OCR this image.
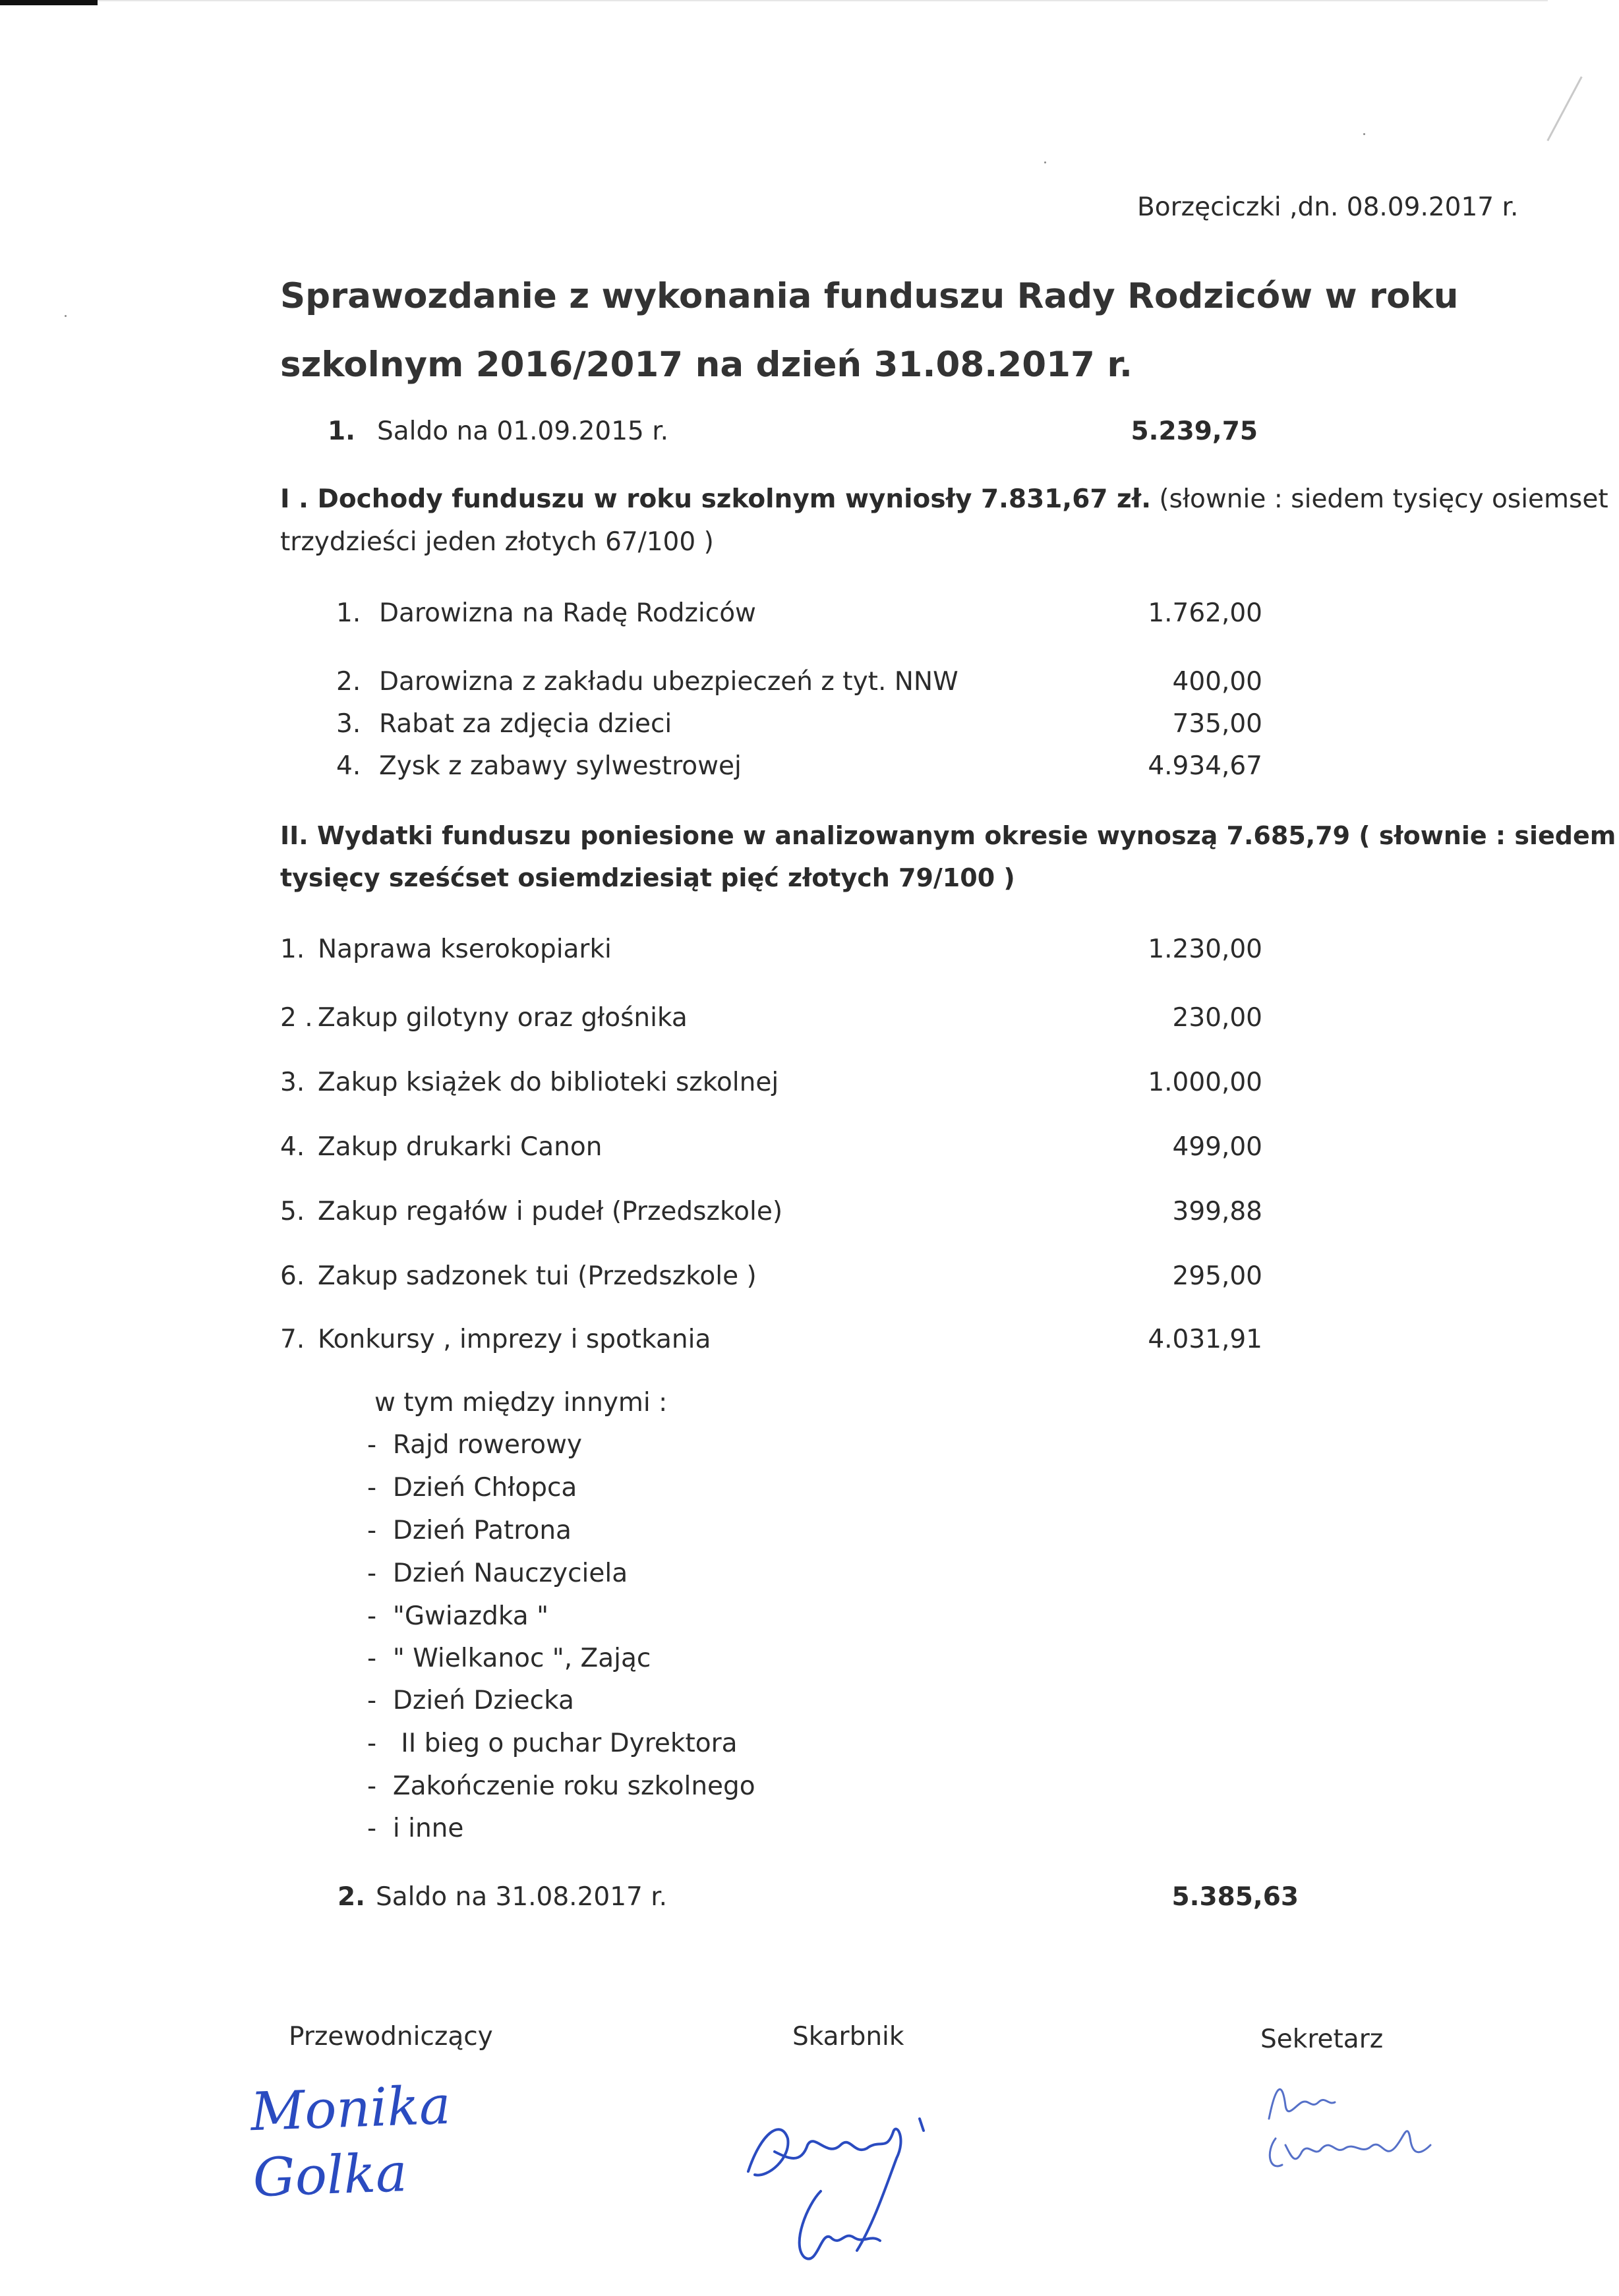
Borzęciczki ,dn. 08.09.2017 r.
Sprawozdanie z wykonania funduszu Rady Rodziców w roku
szkolnym 2016/2017 na dzień 31.08.2017 r.
1. Saldo na 01.09.2015 r.	5.239,75
I . Dochody funduszu w roku szkolnym wyniosły 7.831,67 zł. (słownie : siedem tysięcy osiemset
trzydzieści jeden złotych 67/100 )
1. Darowizna na Radę Rodziców	1.762,00
2. Darowizna z zakładu ubezpieczeń z tyt. NNW	400,00
3. Rabat za zdjęcia dzieci	735,00
4. Zysk z zabawy sylwestrowej	4.934,67
II. Wydatki funduszu poniesione w analizowanym okresie wynoszą 7.685,79 ( słownie : siedem
tysięcy sześćset osiemdziesiąt pięć złotych 79/100 )
1. Naprawa kserokopiarki	1.230,00
2 . Zakup gilotyny oraz głośnika	230,00
3. Zakup książek do biblioteki szkolnej	1.000,00
4. Zakup drukarki Canon	499,00
5. Zakup regałów i pudeł (Przedszkole)	399,88
6. Zakup sadzonek tui (Przedszkole )	295,00
7. Konkursy , imprezy i spotkania	4.031,91
w tym między innymi :
-  Rajd rowerowy
-  Dzień Chłopca
-  Dzień Patrona
-  Dzień Nauczyciela
-  "Gwiazdka "
-  " Wielkanoc ", Zając
-  Dzień Dziecka
-   II bieg o puchar Dyrektora
-  Zakończenie roku szkolnego
-  i inne
2. Saldo na 31.08.2017 r.	5.385,63
Przewodniczący	Skarbnik	Sekretarz
Monika Golka
